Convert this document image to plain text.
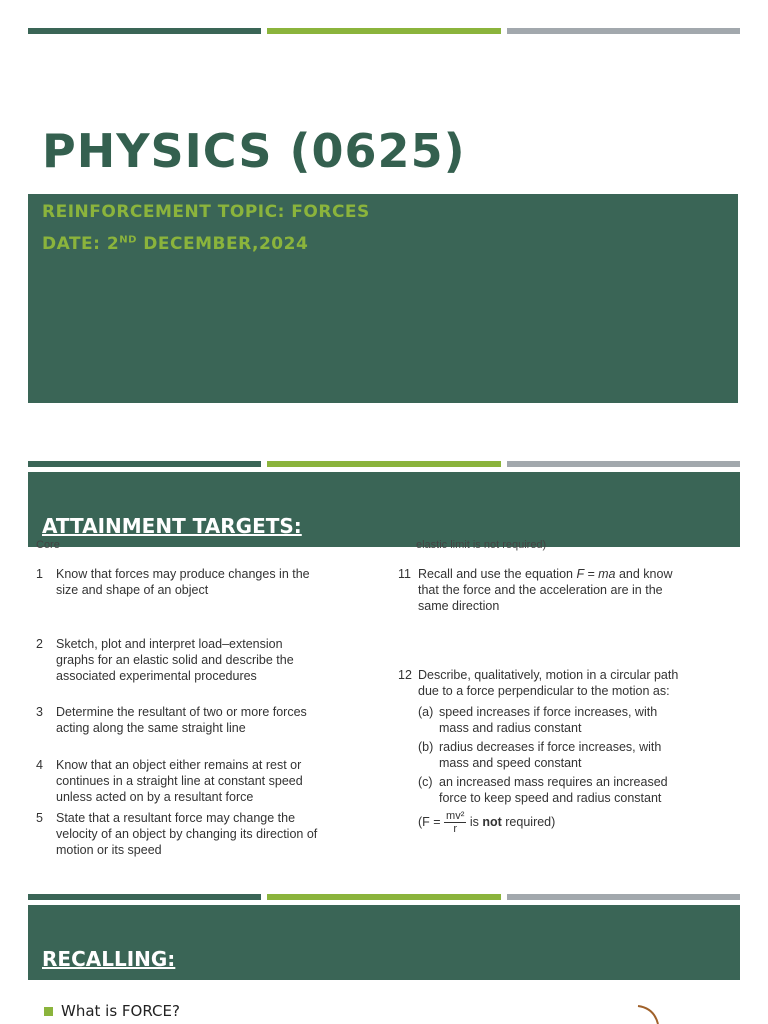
PHYSICS (0625)

REINFORCEMENT TOPIC: FORCES

DATE: 2ND DECEMBER,2024

ATTAINMENT TARGETS:
Core	elastic limit is not required)
1 Know that forces may produce changes in the
size and shape of an object
2 Sketch, plot and interpret load–extension
graphs for an elastic solid and describe the
associated experimental procedures
3 Determine the resultant of two or more forces
acting along the same straight line
4 Know that an object either remains at rest or
continues in a straight line at constant speed
unless acted on by a resultant force
5 State that a resultant force may change the
velocity of an object by changing its direction of
motion or its speed
11 Recall and use the equation F = ma and know
that the force and the acceleration are in the
same direction
12 Describe, qualitatively, motion in a circular path
due to a force perpendicular to the motion as:
(a) speed increases if force increases, with
mass and radius constant
(b) radius decreases if force increases, with
mass and speed constant
(c) an increased mass requires an increased
force to keep speed and radius constant
($F = \frac{\text{mv²}}{r}$ is not required)
RECALLING:
What is FORCE?
